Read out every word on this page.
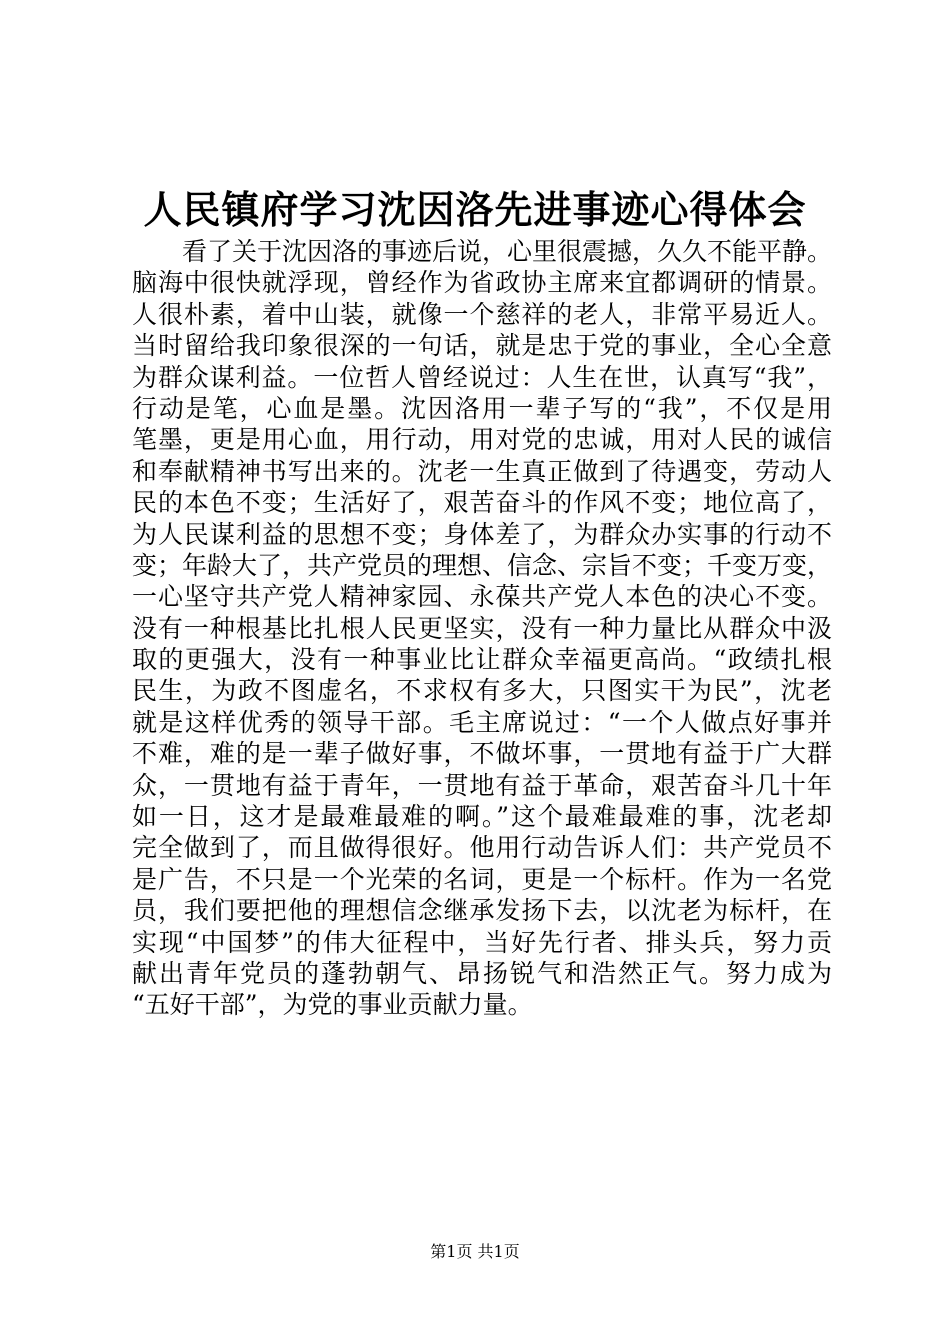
人民镇府学习沈因洛先进事迹心得体会
看了关于沈因洛的事迹后说，心里很震撼，久久不能平静。
脑海中很快就浮现，曾经作为省政协主席来宜都调研的情景。
人很朴素，着中山装，就像一个慈祥的老人，非常平易近人。
当时留给我印象很深的一句话，就是忠于党的事业，全心全意
为群众谋利益。一位哲人曾经说过：人生在世，认真写“我”，
行动是笔，心血是墨。沈因洛用一辈子写的“我”，不仅是用
笔墨，更是用心血，用行动，用对党的忠诚，用对人民的诚信
和奉献精神书写出来的。沈老一生真正做到了待遇变，劳动人
民的本色不变；生活好了，艰苦奋斗的作风不变；地位高了，
为人民谋利益的思想不变；身体差了，为群众办实事的行动不
变；年龄大了，共产党员的理想、信念、宗旨不变；千变万变，
一心坚守共产党人精神家园、永葆共产党人本色的决心不变。
没有一种根基比扎根人民更坚实，没有一种力量比从群众中汲
取的更强大，没有一种事业比让群众幸福更高尚。“政绩扎根
民生，为政不图虚名，不求权有多大，只图实干为民”，沈老
就是这样优秀的领导干部。毛主席说过：“一个人做点好事并
不难，难的是一辈子做好事，不做坏事，一贯地有益于广大群
众，一贯地有益于青年，一贯地有益于革命，艰苦奋斗几十年
如一日，这才是最难最难的啊。”这个最难最难的事，沈老却
完全做到了，而且做得很好。他用行动告诉人们：共产党员不
是广告，不只是一个光荣的名词，更是一个标杆。作为一名党
员，我们要把他的理想信念继承发扬下去，以沈老为标杆，在
实现“中国梦”的伟大征程中，当好先行者、排头兵，努力贡
献出青年党员的蓬勃朝气、昂扬锐气和浩然正气。努力成为
“五好干部”，为党的事业贡献力量。
第1页 共1页
